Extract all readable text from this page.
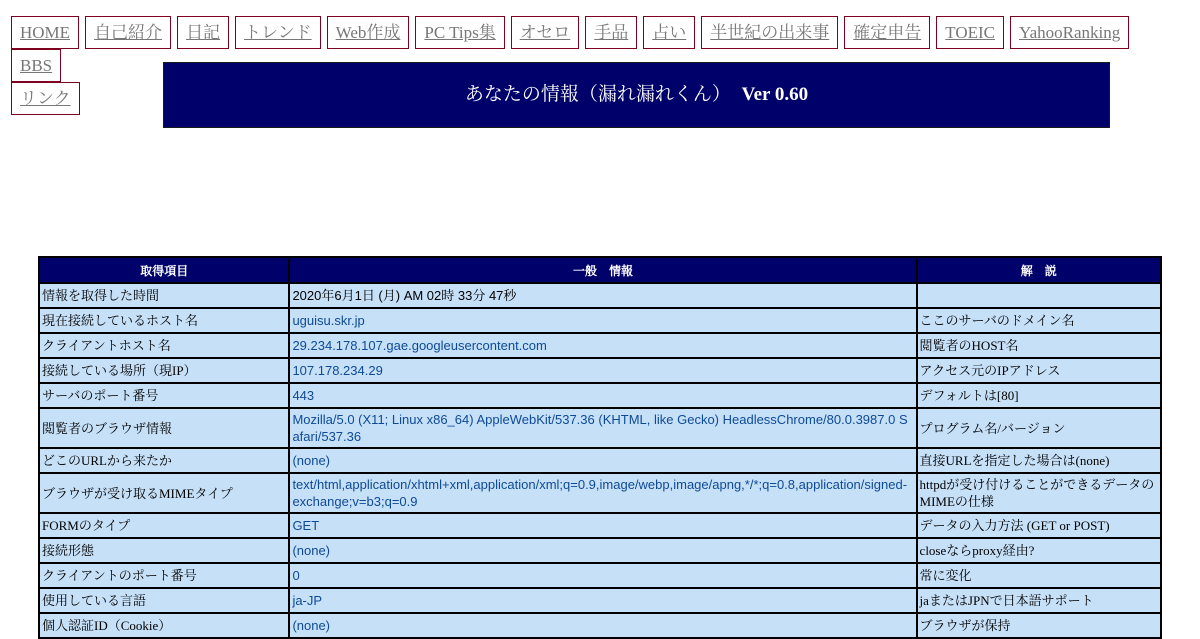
HOME	自己紹介	日記	トレンド	Web作成	PC Tips集	オセロ	手品	占い	半世紀の出来事	確定申告	TOEIC	YahooRanking
BBS
リンク	あなたの情報（漏れ漏れくん） Ver 0.60
取得項目	一般　情報	解　説
情報を取得した時間	2020年6月1日 (月) AM 02時 33分 47秒	
現在接続しているホスト名	uguisu.skr.jp	ここのサーバのドメイン名
クライアントホスト名	29.234.178.107.gae.googleusercontent.com	閲覧者のHOST名
接続している場所（現IP）	107.178.234.29	アクセス元のIPアドレス
サーバのポート番号	443	デフォルトは[80]
閲覧者のブラウザ情報	Mozilla/5.0 (X11; Linux x86_64) AppleWebKit/537.36 (KHTML, like Gecko) HeadlessChrome/80.0.3987.0 Safari/537.36	プログラム名/バージョン
どこのURLから来たか	(none)	直接URLを指定した場合は(none)
ブラウザが受け取るMIMEタイプ	text/html,application/xhtml+xml,application/xml;q=0.9,image/webp,image/apng,*/*;q=0.8,application/signed-exchange;v=b3;q=0.9	httpdが受け付けることができるデータのMIMEの仕様
FORMのタイプ	GET	データの入力方法 (GET or POST)
接続形態	(none)	closeならproxy経由?
クライアントのポート番号	0	常に変化
使用している言語	ja-JP	jaまたはJPNで日本語サポート
個人認証ID（Cookie）	(none)	ブラウザが保持
